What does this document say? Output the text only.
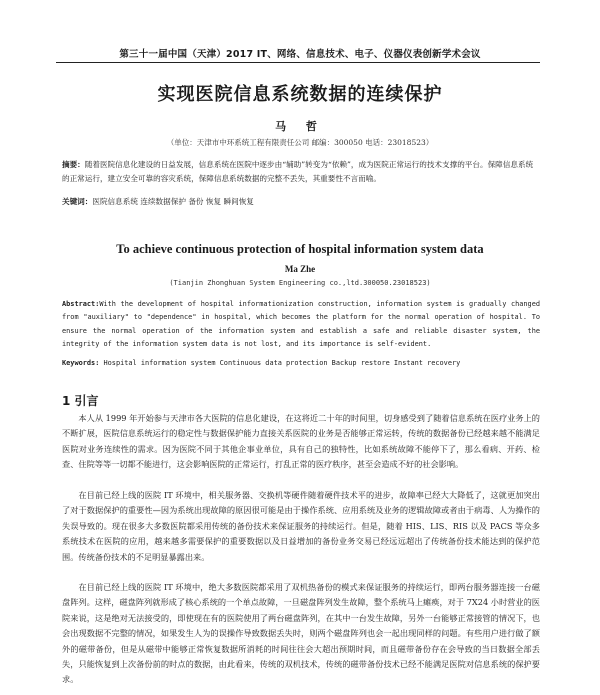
第三十一届中国（天津）2017 IT、网络、信息技术、电子、仪器仪表创新学术会议
实现医院信息系统数据的连续保护
马 哲
（单位：天津市中环系统工程有限责任公司 邮编：300050 电话：23018523）
摘要：随着医院信息化建设的日益发展，信息系统在医院中逐步由“辅助”转变为“依赖”，成为医院正常运行的技术支撑的平台。保障信息系统的正常运行，建立安全可靠的容灾系统，保障信息系统数据的完整不丢失，其重要性不言而喻。
关键词：医院信息系统 连续数据保护 备份 恢复 瞬间恢复
To achieve continuous protection of hospital information system data
Ma Zhe
(Tianjin Zhonghuan System Engineering co.,ltd.300050.23018523)
Abstract:With the development of hospital informationization construction, information system is gradually changed from "auxiliary" to "dependence" in hospital, which becomes the platform for the normal operation of hospital. To ensure the normal operation of the information system and establish a safe and reliable disaster system, the integrity of the information system data is not lost, and its importance is self-evident.
Keywords: Hospital information system Continuous data protection Backup restore Instant recovery
1 引言
本人从 1999 年开始参与天津市各大医院的信息化建设，在这将近二十年的时间里，切身感受到了随着信息系统在医疗业务上的不断扩展，医院信息系统运行的稳定性与数据保护能力直接关系医院的业务是否能够正常运转，传统的数据备份已经越来越不能满足医院对业务连续性的需求。因为医院不同于其他企事业单位，具有自己的独特性，比如系统故障不能停下了，那么看病、开药、检查、住院等等一切都不能进行，这会影响医院的正常运行，打乱正常的医疗秩序，甚至会造成不好的社会影响。
在目前已经上线的医院 IT 环境中，相关服务器、交换机等硬件随着硬件技术平的进步，故障率已经大大降低了，这就更加突出了对于数据保护的重要性—因为系统出现故障的原因很可能是由于操作系统、应用系统及业务的逻辑故障或者由于病毒、人为操作的失误导致的。现在很多大多数医院都采用传统的备份技术来保证服务的持续运行。但是，随着 HIS、LIS、RIS 以及 PACS 等众多系统技术在医院的应用，越来越多需要保护的重要数据以及日益增加的备份业务交易已经远远超出了传统备份技术能达到的保护范围。传统备份技术的不足明显暴露出来。
在目前已经上线的医院 IT 环境中，绝大多数医院都采用了双机热备份的模式来保证服务的持续运行，即两台服务器连接一台磁盘阵列。这样，磁盘阵列就形成了核心系统的一个单点故障，一旦磁盘阵列发生故障，整个系统马上瘫痪，对于 7X24 小时营业的医院来说，这是绝对无法接受的，即使现在有的医院使用了两台磁盘阵列，在其中一台发生故障，另外一台能够正常接管的情况下，也会出现数据不完整的情况，如果发生人为的误操作导致数据丢失时，则两个磁盘阵列也会一起出现同样的问题。有些用户进行做了额外的磁带备份，但是从磁带中能够正常恢复数据所消耗的时间往往会大超出预期时间，而且磁带备份存在会导致的当日数据全部丢失，只能恢复到上次备份前的时点的数据，由此看来，传统的双机技术，传统的磁带备份技术已经不能满足医院对信息系统的保护要求。
